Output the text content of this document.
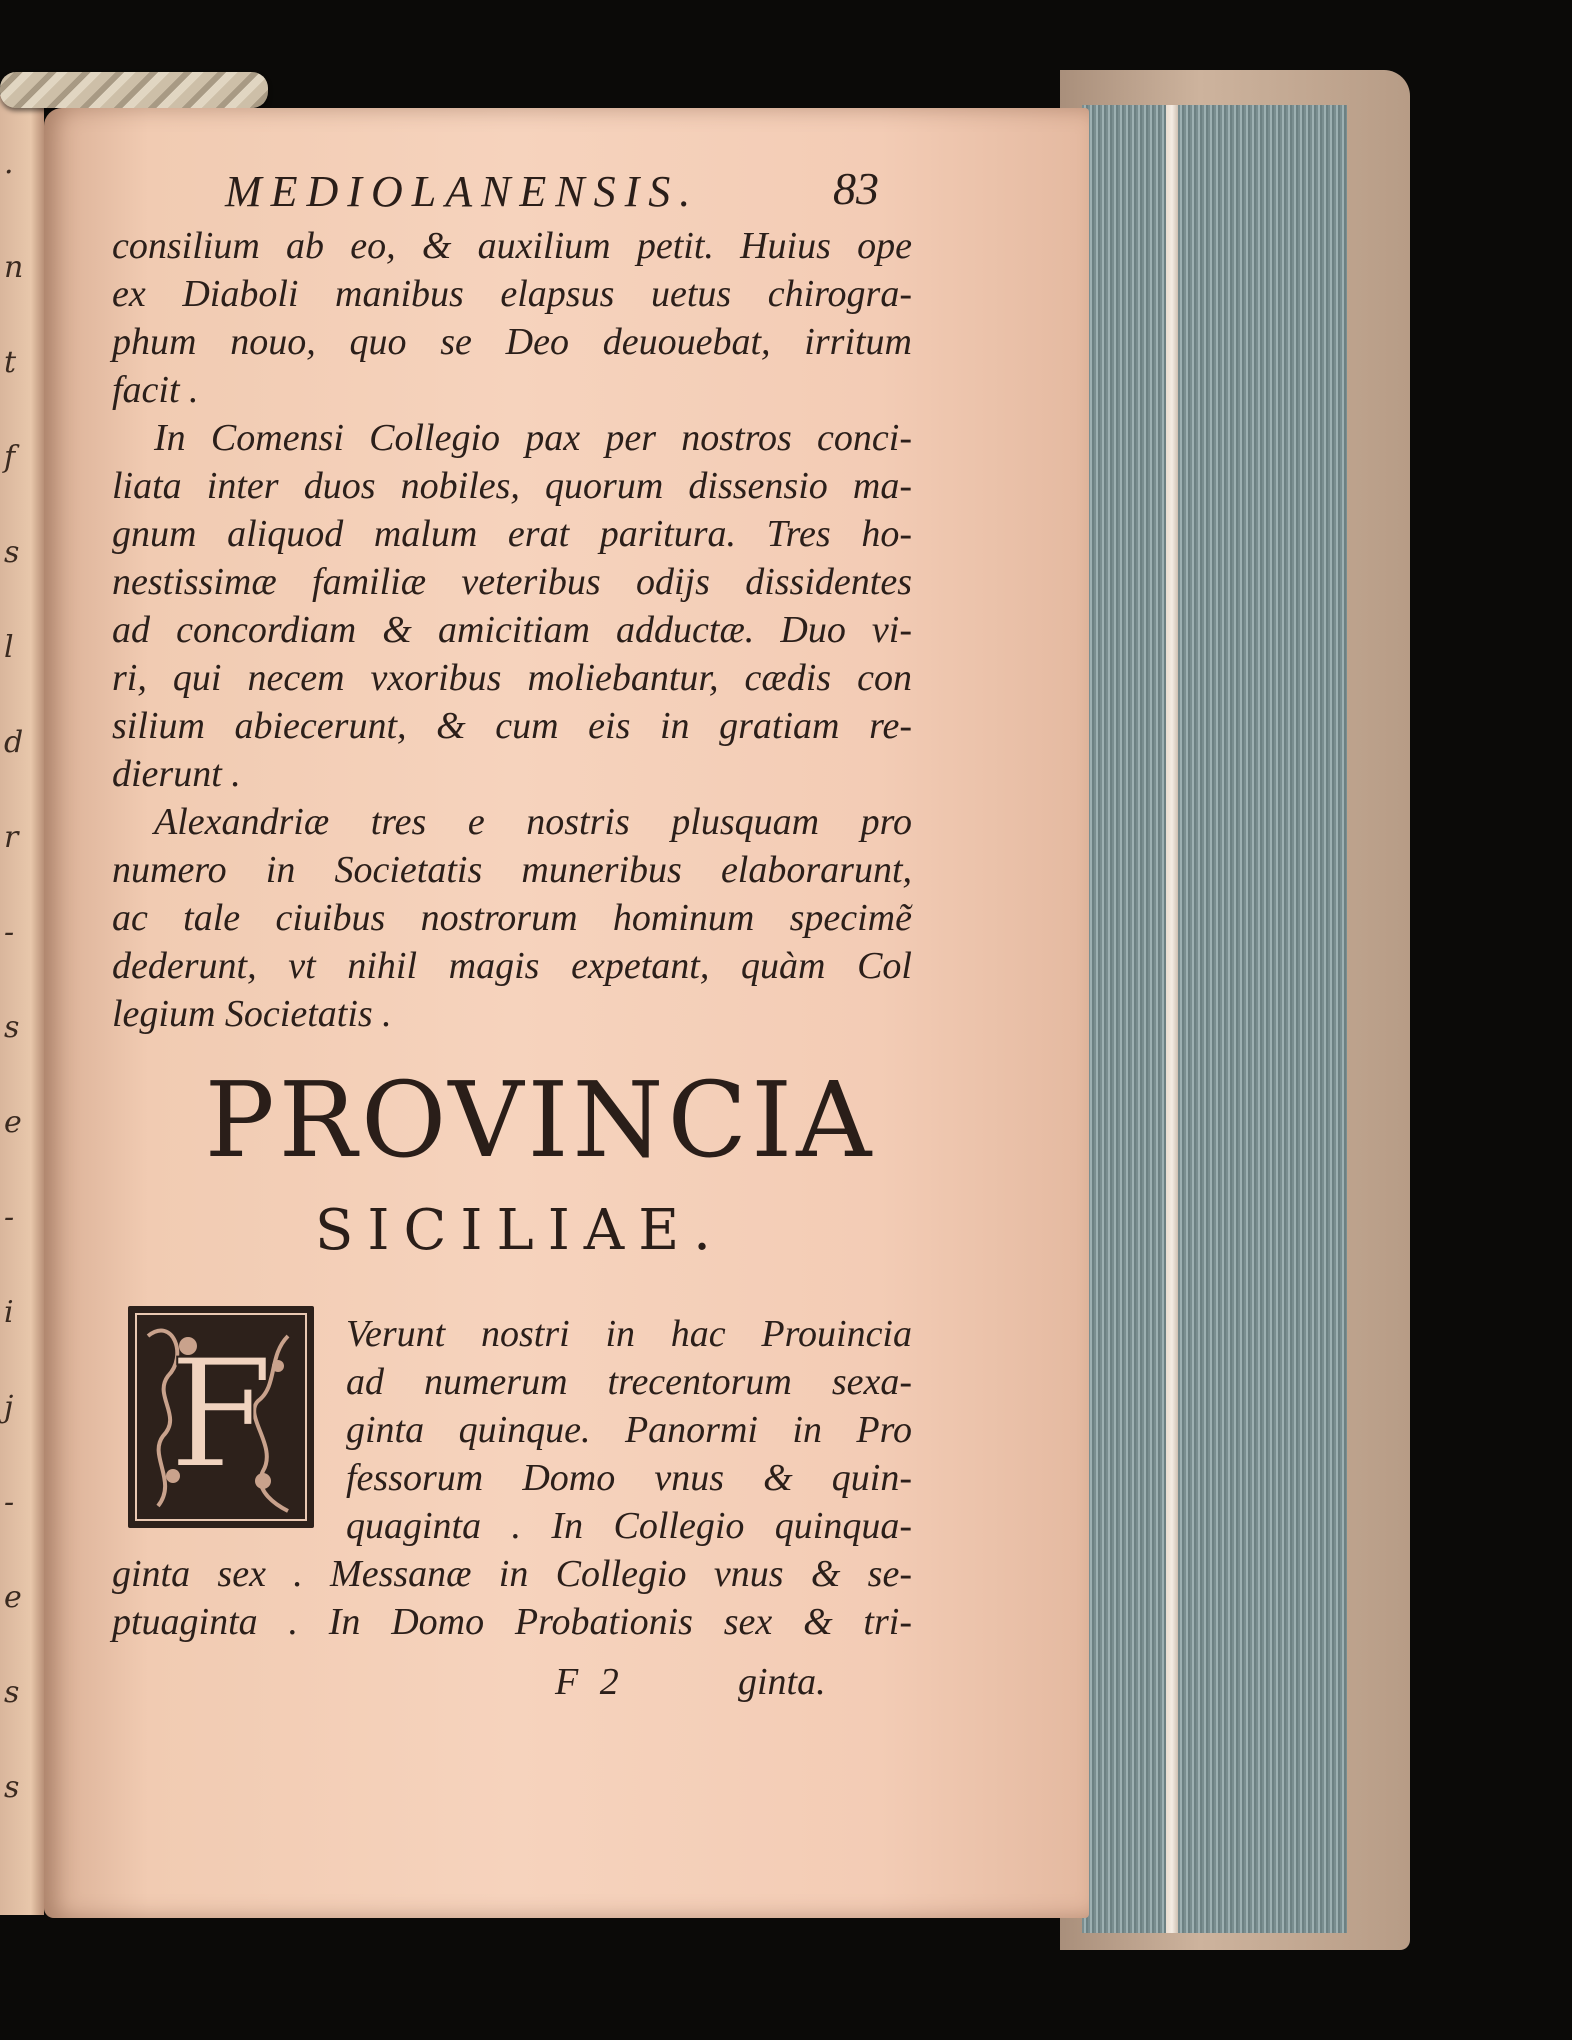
·
n
t
f
s
l
d
r
-
s
e
-
i
j
-
e
s
s
MEDIOLANENSIS.	83
consilium ab eo, & auxilium petit. Huius ope
ex Diaboli manibus elapsus uetus chirogra-
phum nouo, quo se Deo deuouebat, irritum
facit .
In Comensi Collegio pax per nostros conci-
liata inter duos nobiles, quorum dissensio ma-
gnum aliquod malum erat paritura. Tres ho-
nestissimæ familiæ veteribus odijs dissidentes
ad concordiam & amicitiam adductæ. Duo vi-
ri, qui necem vxoribus moliebantur, cædis con
silium abiecerunt, & cum eis in gratiam re-
dierunt .
Alexandriæ tres e nostris plusquam pro
numero in Societatis muneribus elaborarunt,
ac tale ciuibus nostrorum hominum specimẽ
dederunt, vt nihil magis expetant, quàm Col
legium Societatis .
PROVINCIA
SICILIAE.
F Verunt nostri in hac Prouincia
ad numerum trecentorum sexa-
ginta quinque. Panormi in Pro
fessorum Domo vnus & quin-
quaginta . In Collegio quinqua-
ginta sex . Messanæ in Collegio vnus & se-
ptuaginta . In Domo Probationis sex & tri-
F 2	ginta.
